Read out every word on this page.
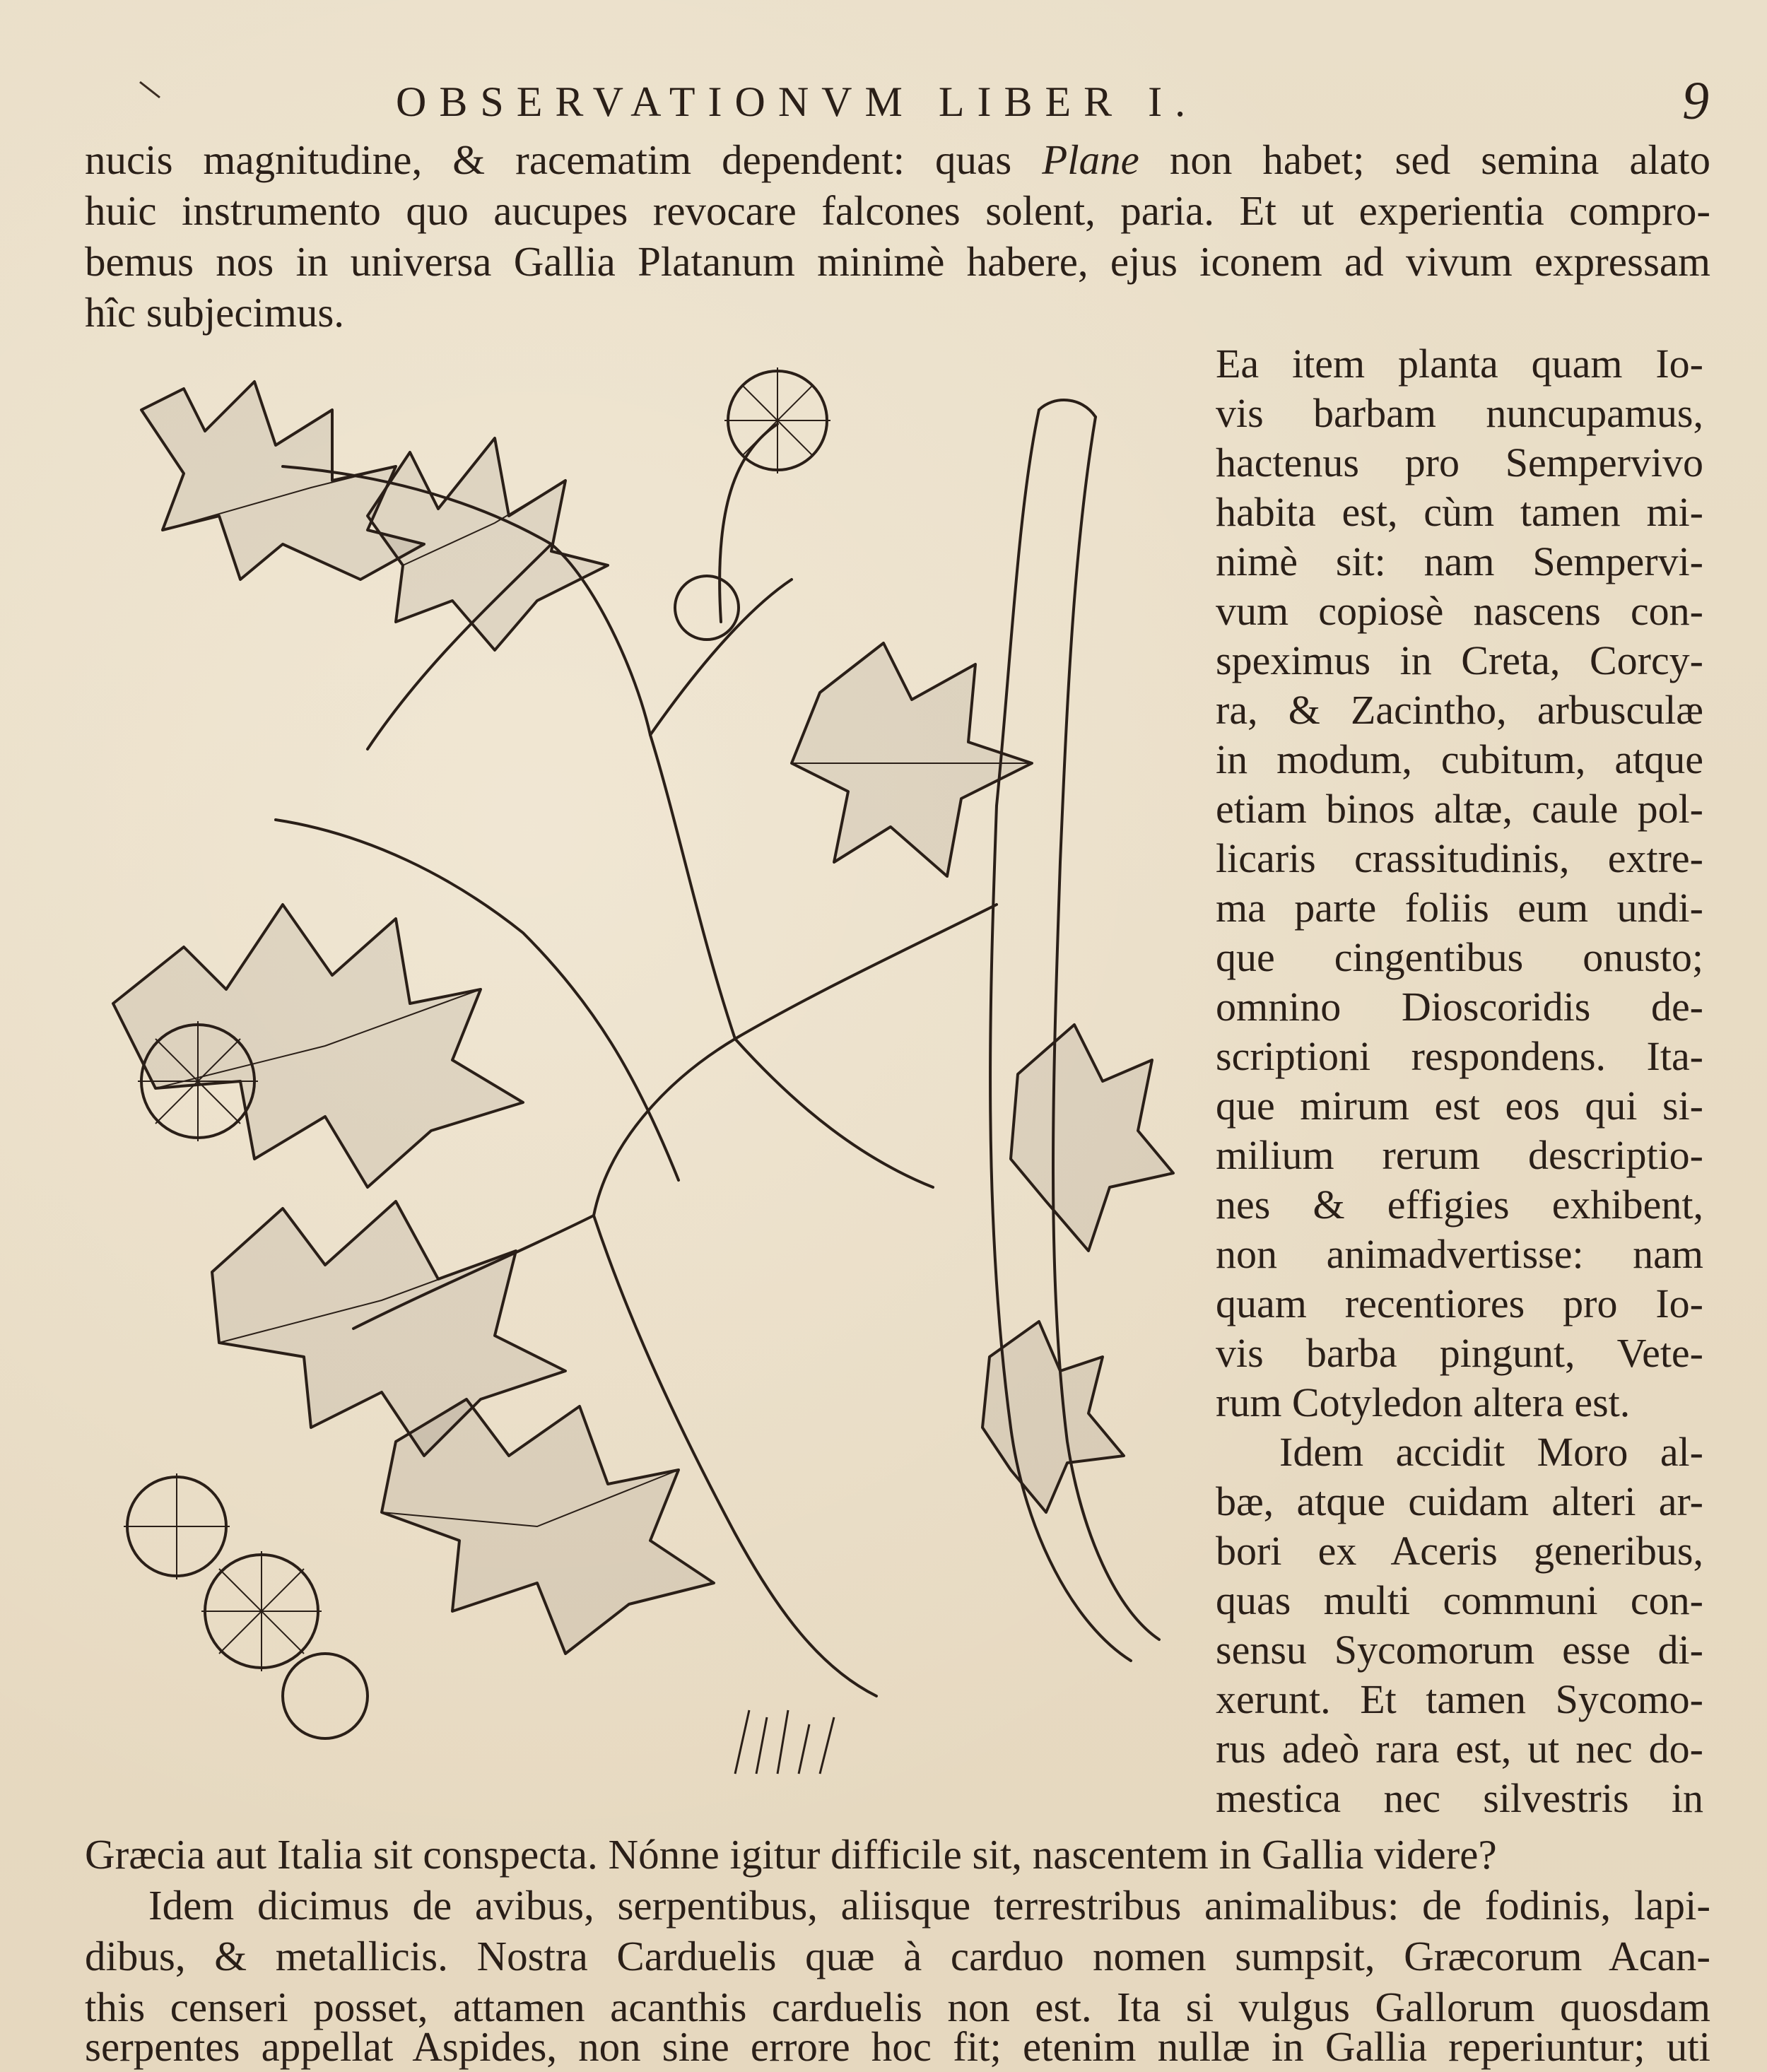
OBSERVATIONVM LIBER I.	9
nucis magnitudine, & racematim dependent: quas Plane non habet; sed semina alato
huic instrumento quo aucupes revocare falcones solent, paria. Et ut experientia compro-
bemus nos in universa Gallia Platanum minimè habere, ejus iconem ad vivum expressam
hîc subjecimus.
Ea item planta quam Io-
vis barbam nuncupamus,
hactenus pro Sempervivo
habita est, cùm tamen mi-
nimè sit: nam Sempervi-
vum copiosè nascens con-
speximus in Creta, Corcy-
ra, & Zacintho, arbusculæ
in modum, cubitum, atque
etiam binos altæ, caule pol-
licaris crassitudinis, extre-
ma parte foliis eum undi-
que cingentibus onusto;
omnino Dioscoridis de-
scriptioni respondens. Ita-
que mirum est eos qui si-
milium rerum descriptio-
nes & effigies exhibent,
non animadvertisse: nam
quam recentiores pro Io-
vis barba pingunt, Vete-
rum Cotyledon altera est.
Idem accidit Moro al-
bæ, atque cuidam alteri ar-
bori ex Aceris generibus,
quas multi communi con-
sensu Sycomorum esse di-
xerunt. Et tamen Sycomo-
rus adeò rara est, ut nec do-
mestica nec silvestris in
Græcia aut Italia sit conspecta. Nónne igitur difficile sit, nascentem in Gallia videre?
Idem dicimus de avibus, serpentibus, aliisque terrestribus animalibus: de fodinis, lapi-
dibus, & metallicis. Nostra Carduelis quæ à carduo nomen sumpsit, Græcorum Acan-
this censeri posset, attamen acanthis carduelis non est. Ita si vulgus Gallorum quosdam
serpentes appellat Aspides, non sine errore hoc fit; etenim nullæ in Gallia reperiuntur; uti
